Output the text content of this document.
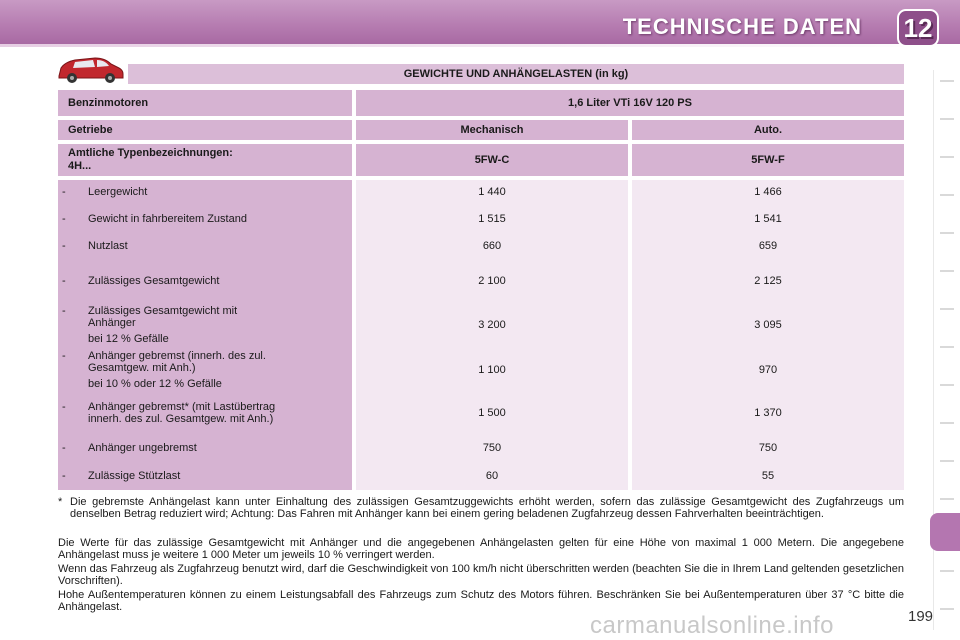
TECHNISCHE DATEN 12
GEWICHTE UND ANHÄNGELASTEN (in kg)
Benzinmotoren	1,6 Liter VTi 16V 120 PS
Getriebe	Mechanisch	Auto.
Amtliche Typenbezeichnungen:
4H...
5FW-C	5FW-F
-	Leergewicht	1 440	1 466
-	Gewicht in fahrbereitem Zustand	1 515	1 541
-	Nutzlast	660	659
-	Zulässiges Gesamtgewicht	2 100	2 125
-	Zulässiges Gesamtgewicht mit
Anhänger
bei 12 % Gefälle
3 200	3 095
-	Anhänger gebremst (innerh. des zul.
Gesamtgew. mit Anh.)
bei 10 % oder 12 % Gefälle
1 100	970
-	Anhänger gebremst* (mit Lastübertrag
innerh. des zul. Gesamtgew. mit Anh.)	1 500	1 370
-	Anhänger ungebremst	750	750
-	Zulässige Stützlast	60	55
* Die gebremste Anhängelast kann unter Einhaltung des zulässigen Gesamtzuggewichts erhöht werden, sofern das zulässige Gesamtgewicht des Zugfahrzeugs um denselben Betrag reduziert wird; Achtung: Das Fahren mit Anhänger kann bei einem gering beladenen Zugfahrzeug dessen Fahrverhalten beeinträchtigen.
Die Werte für das zulässige Gesamtgewicht mit Anhänger und die angegebenen Anhängelasten gelten für eine Höhe von maximal 1 000 Metern. Die angegebene Anhängelast muss je weitere 1 000 Meter um jeweils 10 % verringert werden.
Wenn das Fahrzeug als Zugfahrzeug benutzt wird, darf die Geschwindigkeit von 100 km/h nicht überschritten werden (beachten Sie die in Ihrem Land geltenden gesetzlichen Vorschriften).
Hohe Außentemperaturen können zu einem Leistungsabfall des Fahrzeugs zum Schutz des Motors führen. Beschränken Sie bei Außentemperaturen über 37 °C bitte die Anhängelast.
carmanualsonline.info	199
